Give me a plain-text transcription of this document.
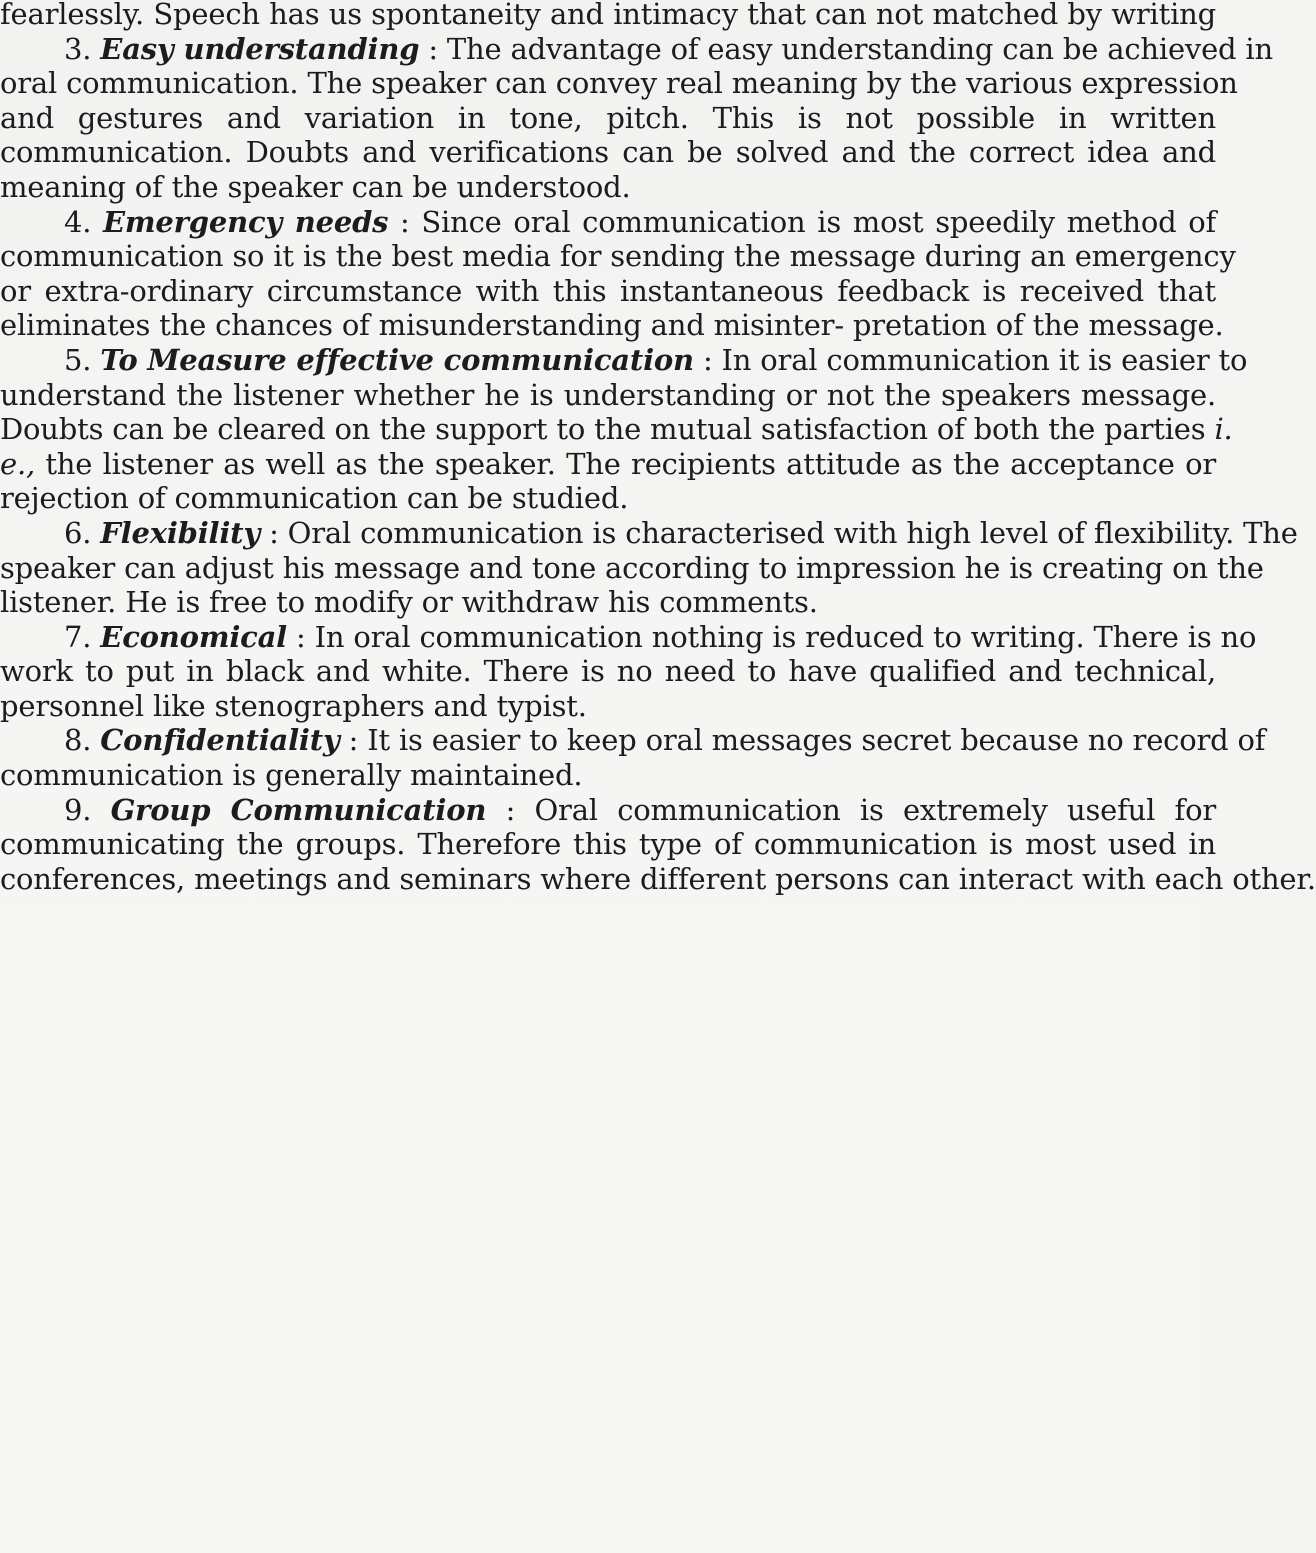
fearlessly. Speech has us spontaneity and intimacy that can not matched by writing
3. Easy understanding : The advantage of easy understanding can be achieved in
oral communication. The speaker can convey real meaning by the various expression
and gestures and variation in tone, pitch. This is not possible in written
communication. Doubts and verifications can be solved and the correct idea and
meaning of the speaker can be understood.
4. Emergency needs : Since oral communication is most speedily method of
communication so it is the best media for sending the message during an emergency
or extra-ordinary circumstance with this instantaneous feedback is received that
eliminates the chances of misunderstanding and misinter- pretation of the message.
5. To Measure effective communication : In oral communication it is easier to
understand the listener whether he is understanding or not the speakers message.
Doubts can be cleared on the support to the mutual satisfaction of both the parties i.
e., the listener as well as the speaker. The recipients attitude as the acceptance or
rejection of communication can be studied.
6. Flexibility : Oral communication is characterised with high level of flexibility. The
speaker can adjust his message and tone according to impression he is creating on the
listener. He is free to modify or withdraw his comments.
7. Economical : In oral communication nothing is reduced to writing. There is no
work to put in black and white. There is no need to have qualified and technical,
personnel like stenographers and typist.
8. Confidentiality : It is easier to keep oral messages secret because no record of
communication is generally maintained.
9. Group Communication : Oral communication is extremely useful for
communicating the groups. Therefore this type of communication is most used in
conferences, meetings and seminars where different persons can interact with each other.
